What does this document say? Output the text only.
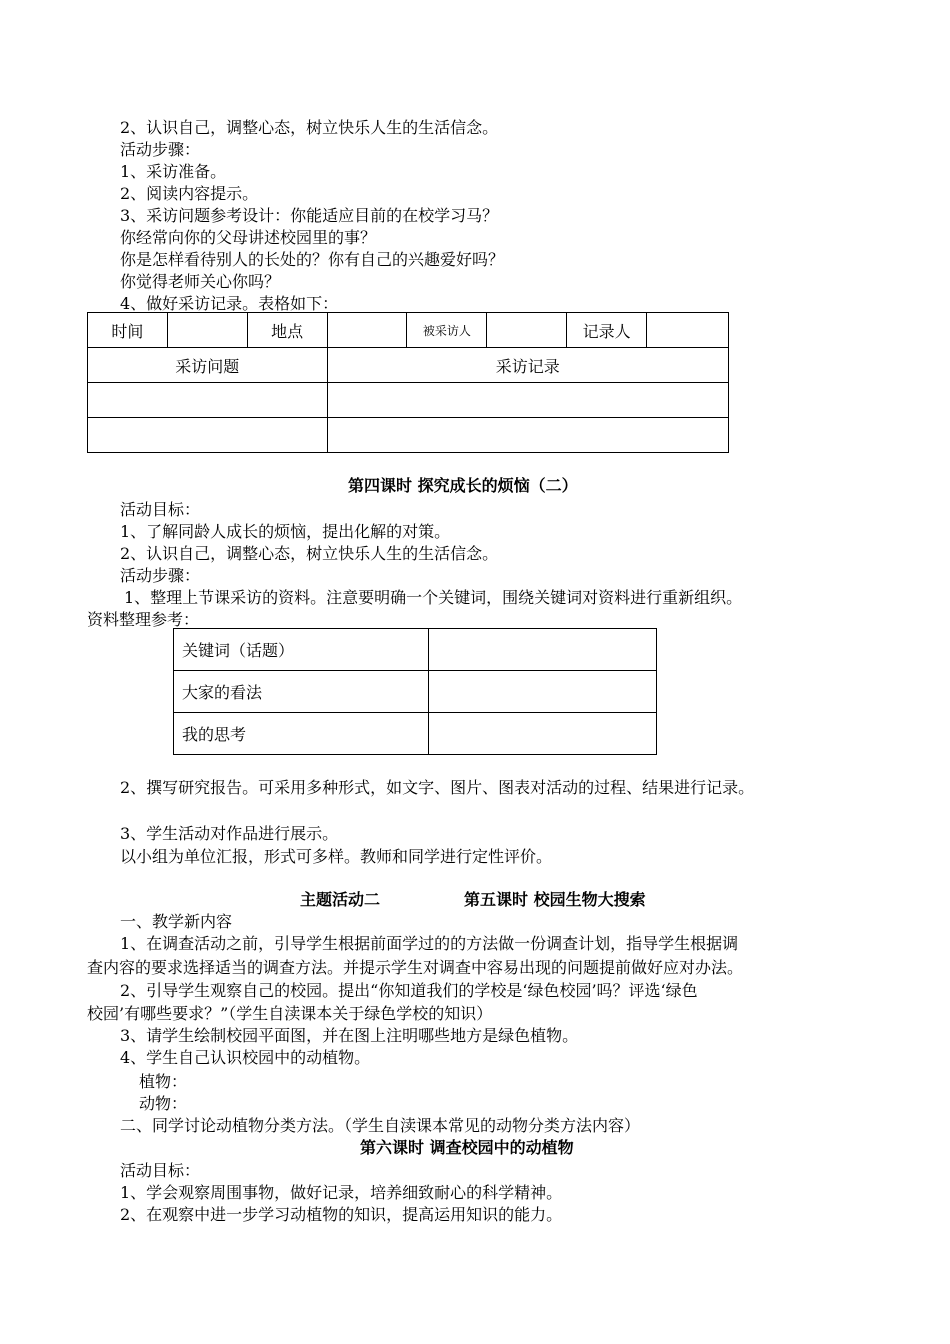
2、认识自己，调整心态，树立快乐人生的生活信念。
活动步骤：
1、采访准备。
2、阅读内容提示。
3、采访问题参考设计：你能适应目前的在校学习马？
你经常向你的父母讲述校园里的事？
你是怎样看待别人的长处的？你有自己的兴趣爱好吗？
你觉得老师关心你吗？
4、做好采访记录。表格如下：
时间		地点		被采访人		记录人	
采访问题			采访记录				

第四课时 探究成长的烦恼（二）
活动目标：
1、了解同龄人成长的烦恼，提出化解的对策。
2、认识自己，调整心态，树立快乐人生的生活信念。
活动步骤：
1、整理上节课采访的资料。注意要明确一个关键词，围绕关键词对资料进行重新组织。
资料整理参考：
关键词（话题）	
大家的看法	
我的思考	
2、撰写研究报告。可采用多种形式，如文字、图片、图表对活动的过程、结果进行记录。
3、学生活动对作品进行展示。
以小组为单位汇报，形式可多样。教师和同学进行定性评价。
主题活动二	第五课时 校园生物大搜索
一、教学新内容
1、在调查活动之前，引导学生根据前面学过的的方法做一份调查计划，指导学生根据调
查内容的要求选择适当的调查方法。并提示学生对调查中容易出现的问题提前做好应对办法。
2、引导学生观察自己的校园。提出“你知道我们的学校是‘绿色校园’吗？评选‘绿色
校园’有哪些要求？”（学生自渎课本关于绿色学校的知识）
3、请学生绘制校园平面图，并在图上注明哪些地方是绿色植物。
4、学生自己认识校园中的动植物。
植物：
动物：
二、同学讨论动植物分类方法。（学生自渎课本常见的动物分类方法内容）
第六课时 调查校园中的动植物
活动目标：
1、学会观察周围事物，做好记录，培养细致耐心的科学精神。
2、在观察中进一步学习动植物的知识，提高运用知识的能力。
